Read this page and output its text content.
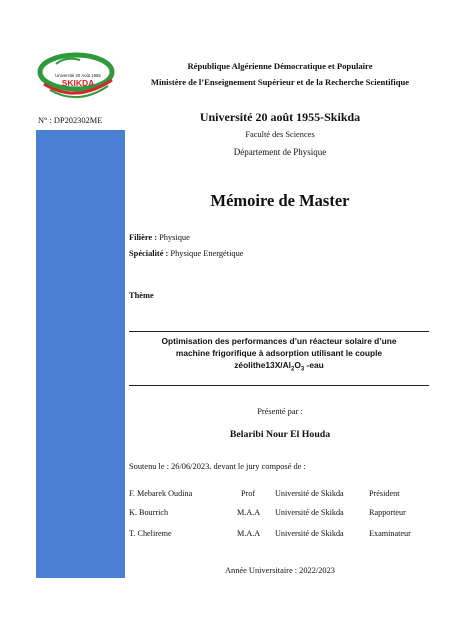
Université 20 Août 1955
SKIKDA
République Algérienne Démocratique et Populaire
Ministère de l’Enseignement Supérieur et de la Recherche Scientifique
N° : DP202302ME	Université 20 août 1955-Skikda
Faculté des Sciences
Département de Physique
Mémoire de Master
Filière : Physique
Spécialité : Physique Energétique
Thème
Optimisation des performances d’un réacteur solaire d’une
machine frigorifique à adsorption utilisant le couple
$zéolithe13X/Al_2O_3$ -eau
Présenté par :
Belaribi Nour El Houda
Soutenu le : 26/06/2023. devant le jury composé de :
F. Mebarek Oudina	Prof Université de Skikda	Président
K. Bourrich	M.A.A Université de Skikda	Rapporteur
T. Chelireme	M.A.A Université de Skikda	Examinateur
Année Universitaire : 2022/2023
